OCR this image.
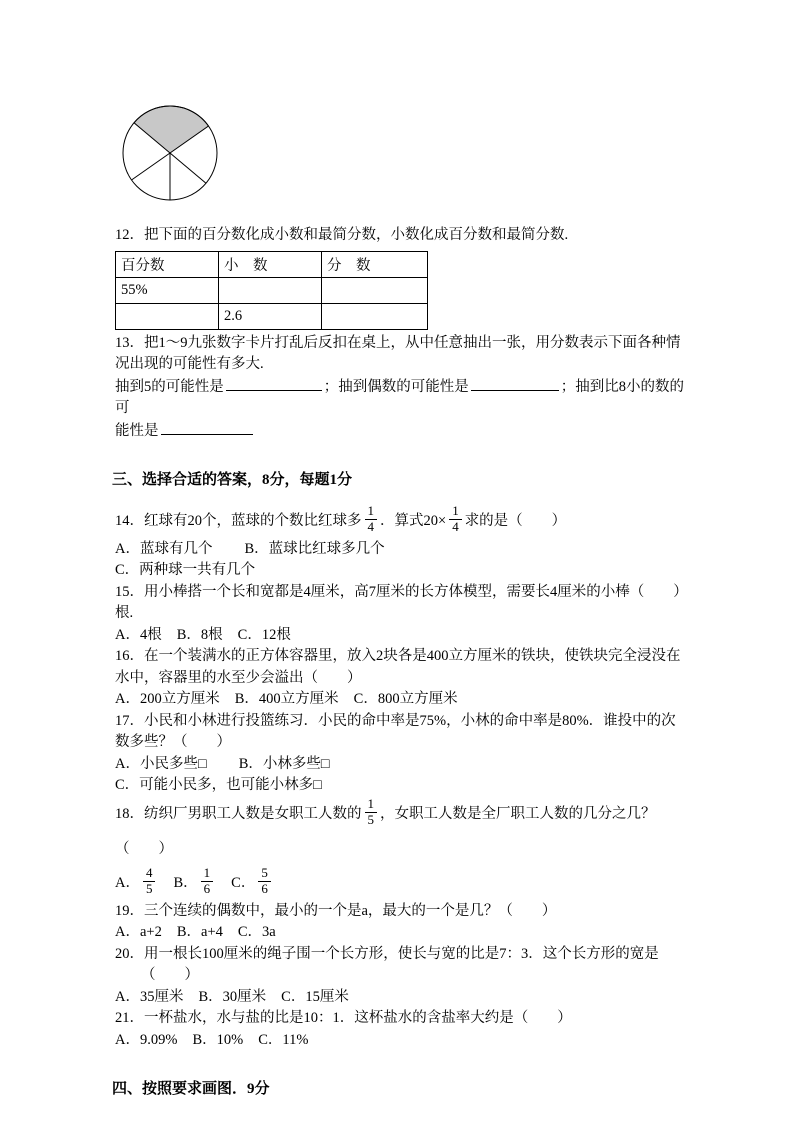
12．把下面的百分数化成小数和最简分数，小数化成百分数和最简分数.

百分数	小　数	分　数
55%		
	2.6	

13．把1～9九张数字卡片打乱后反扣在桌上，从中任意抽出一张，用分数表示下面各种情况出现的可能性有多大.

抽到5的可能性是	；抽到偶数的可能性是	；抽到比8小的数的可
能性是

三、选择合适的答案，8分，每题1分

14．红球有20个，蓝球的个数比红球多 $\frac{1}{4}$ ．算式$20\times \frac{1}{4}$ 求的是（　　）

A．蓝球有几个 B．蓝球比红球多几个

C．两种球一共有几个

15．用小棒搭一个长和宽都是4厘米，高7厘米的长方体模型，需要长4厘米的小棒（　　）根.

A．4根 B．8根 C．12根

16．在一个装满水的正方体容器里，放入2块各是400立方厘米的铁块，使铁块完全浸没在水中，容器里的水至少会溢出（　　）

A．200立方厘米 B．400立方厘米 C．800立方厘米

17．小民和小林进行投篮练习．小民的命中率是75%，小林的命中率是80%．谁投中的次数多些？（　　）

A．小民多些□ B．小林多些□

C．可能小民多，也可能小林多□

18．纺织厂男职工人数是女职工人数的 $\frac{1}{5}$ ，女职工人数是全厂职工人数的几分之几？（　　）

A． $\frac{4}{5}$ B． $\frac{1}{6}$ C． $\frac{5}{6}$

19．三个连续的偶数中，最小的一个是a，最大的一个是几？（　　）

A．a+2 B．a+4 C．3a

20．用一根长100厘米的绳子围一个长方形，使长与宽的比是7：3．这个长方形的宽是

（　　）

A．35厘米 B．30厘米 C．15厘米

21．一杯盐水，水与盐的比是10：1．这杯盐水的含盐率大约是（　　）

A．9.09% B．10% C．11%

四、按照要求画图．9分
